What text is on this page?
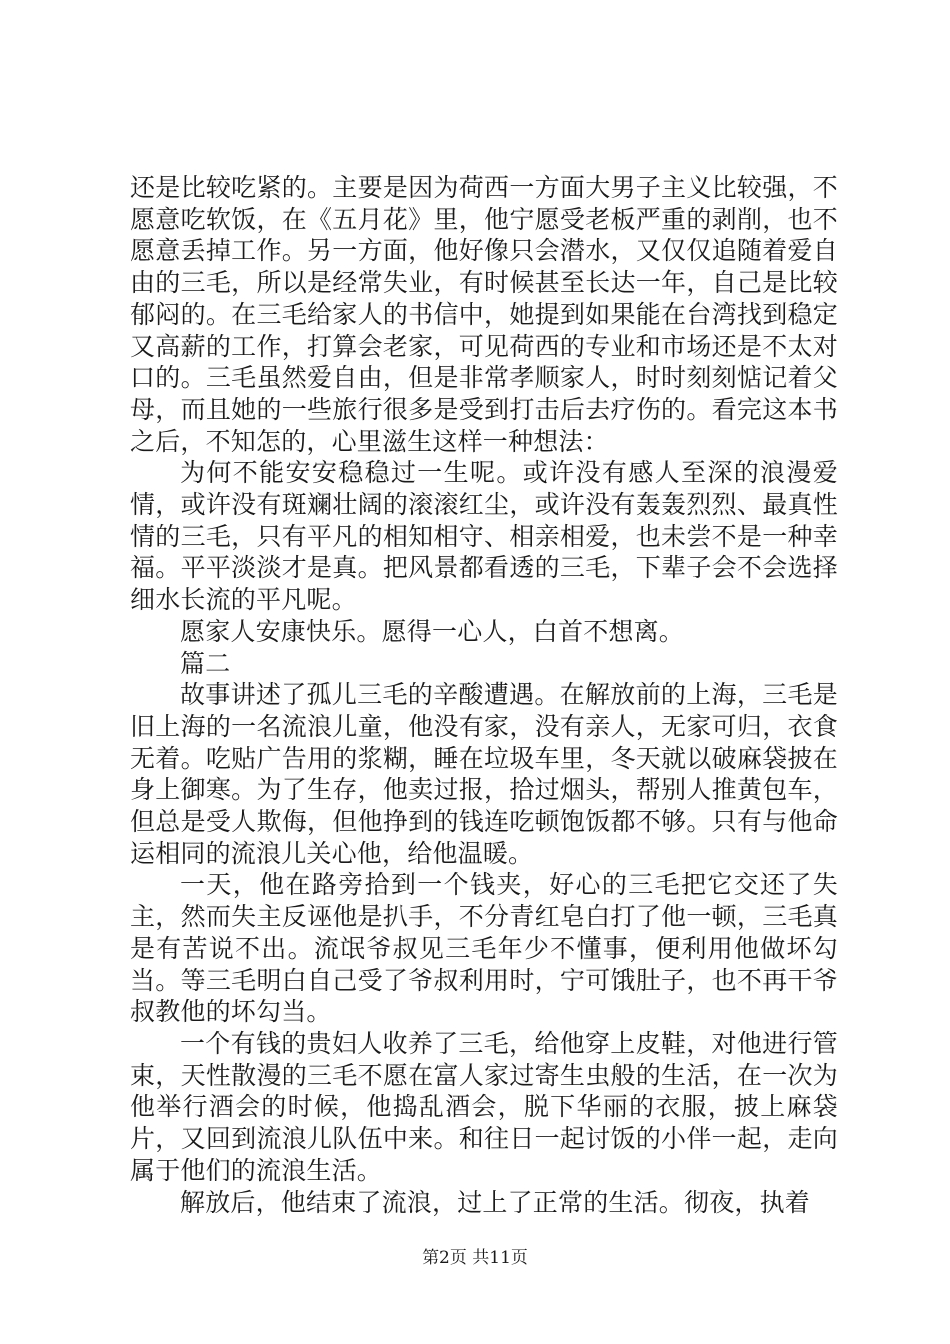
还是比较吃紧的。主要是因为荷西一方面大男子主义比较强，不愿意吃软饭，在《五月花》里，他宁愿受老板严重的剥削，也不愿意丢掉工作。另一方面，他好像只会潜水，又仅仅追随着爱自由的三毛，所以是经常失业，有时候甚至长达一年，自己是比较郁闷的。在三毛给家人的书信中，她提到如果能在台湾找到稳定又高薪的工作，打算会老家，可见荷西的专业和市场还是不太对口的。三毛虽然爱自由，但是非常孝顺家人，时时刻刻惦记着父母，而且她的一些旅行很多是受到打击后去疗伤的。看完这本书之后，不知怎的，心里滋生这样一种想法：

为何不能安安稳稳过一生呢。或许没有感人至深的浪漫爱情，或许没有斑斓壮阔的滚滚红尘，或许没有轰轰烈烈、最真性情的三毛，只有平凡的相知相守、相亲相爱，也未尝不是一种幸福。平平淡淡才是真。把风景都看透的三毛，下辈子会不会选择细水长流的平凡呢。

愿家人安康快乐。愿得一心人，白首不想离。

篇二

故事讲述了孤儿三毛的辛酸遭遇。在解放前的上海，三毛是旧上海的一名流浪儿童，他没有家，没有亲人，无家可归，衣食无着。吃贴广告用的浆糊，睡在垃圾车里，冬天就以破麻袋披在身上御寒。为了生存，他卖过报，拾过烟头，帮别人推黄包车，但总是受人欺侮，但他挣到的钱连吃顿饱饭都不够。只有与他命运相同的流浪儿关心他，给他温暖。

一天，他在路旁拾到一个钱夹，好心的三毛把它交还了失主，然而失主反诬他是扒手，不分青红皂白打了他一顿，三毛真是有苦说不出。流氓爷叔见三毛年少不懂事，便利用他做坏勾当。等三毛明白自己受了爷叔利用时，宁可饿肚子，也不再干爷叔教他的坏勾当。

一个有钱的贵妇人收养了三毛，给他穿上皮鞋，对他进行管束，天性散漫的三毛不愿在富人家过寄生虫般的生活，在一次为他举行酒会的时候，他捣乱酒会，脱下华丽的衣服，披上麻袋片，又回到流浪儿队伍中来。和往日一起讨饭的小伴一起，走向属于他们的流浪生活。

解放后，他结束了流浪，过上了正常的生活。彻夜，执着

第2页 共11页
